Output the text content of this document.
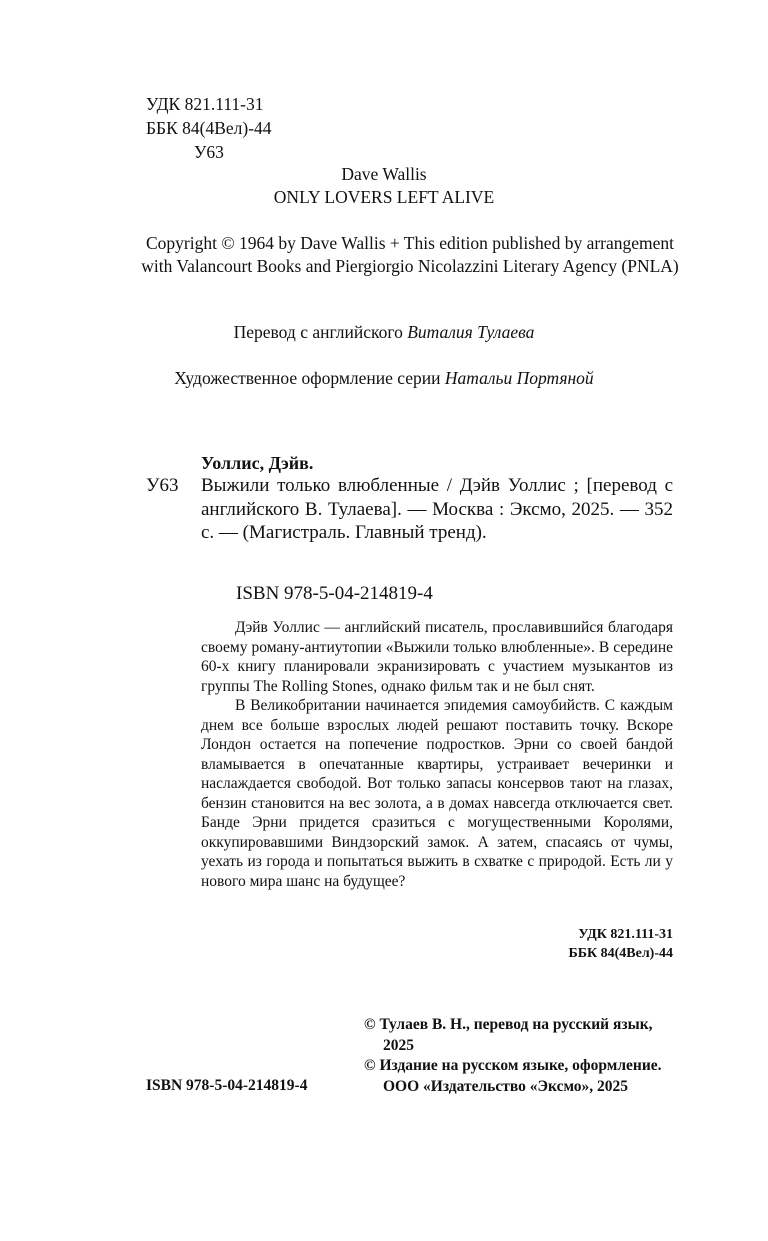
УДК 821.111-31
ББК 84(4Вел)-44
У63
Dave Wallis
ONLY LOVERS LEFT ALIVE
Copyright © 1964 by Dave Wallis + This edition published by arrangement with Valancourt Books and Piergiorgio Nicolazzini Literary Agency (PNLA)
Перевод с английского Виталия Тулаева
Художественное оформление серии Натальи Портяной
Уоллис, Дэйв.
У63 Выжили только влюбленные / Дэйв Уоллис ; [перевод с английского В. Тулаева]. — Москва : Эксмо, 2025. — 352 с. — (Магистраль. Главный тренд).
ISBN 978-5-04-214819-4

Дэйв Уоллис — английский писатель, прославившийся благодаря своему роману-антиутопии «Выжили только влюбленные». В середине 60-х книгу планировали экранизировать с участием музыкантов из группы The Rolling Stones, однако фильм так и не был снят.

В Великобритании начинается эпидемия самоубийств. С каждым днем все больше взрослых людей решают поставить точку. Вскоре Лондон остается на попечение подростков. Эрни со своей бандой вламывается в опечатанные квартиры, устраивает вечеринки и наслаждается свободой. Вот только запасы консервов тают на глазах, бензин становится на вес золота, а в домах навсегда отключается свет. Банде Эрни придется сразиться с могущественными Королями, оккупировавшими Виндзорский замок. А затем, спасаясь от чумы, уехать из города и попытаться выжить в схватке с природой. Есть ли у нового мира шанс на будущее?

УДК 821.111-31
ББК 84(4Вел)-44
© Тулаев В. Н., перевод на русский язык,
2025
© Издание на русском языке, оформление.
ООО «Издательство «Эксмо», 2025
ISBN 978-5-04-214819-4
